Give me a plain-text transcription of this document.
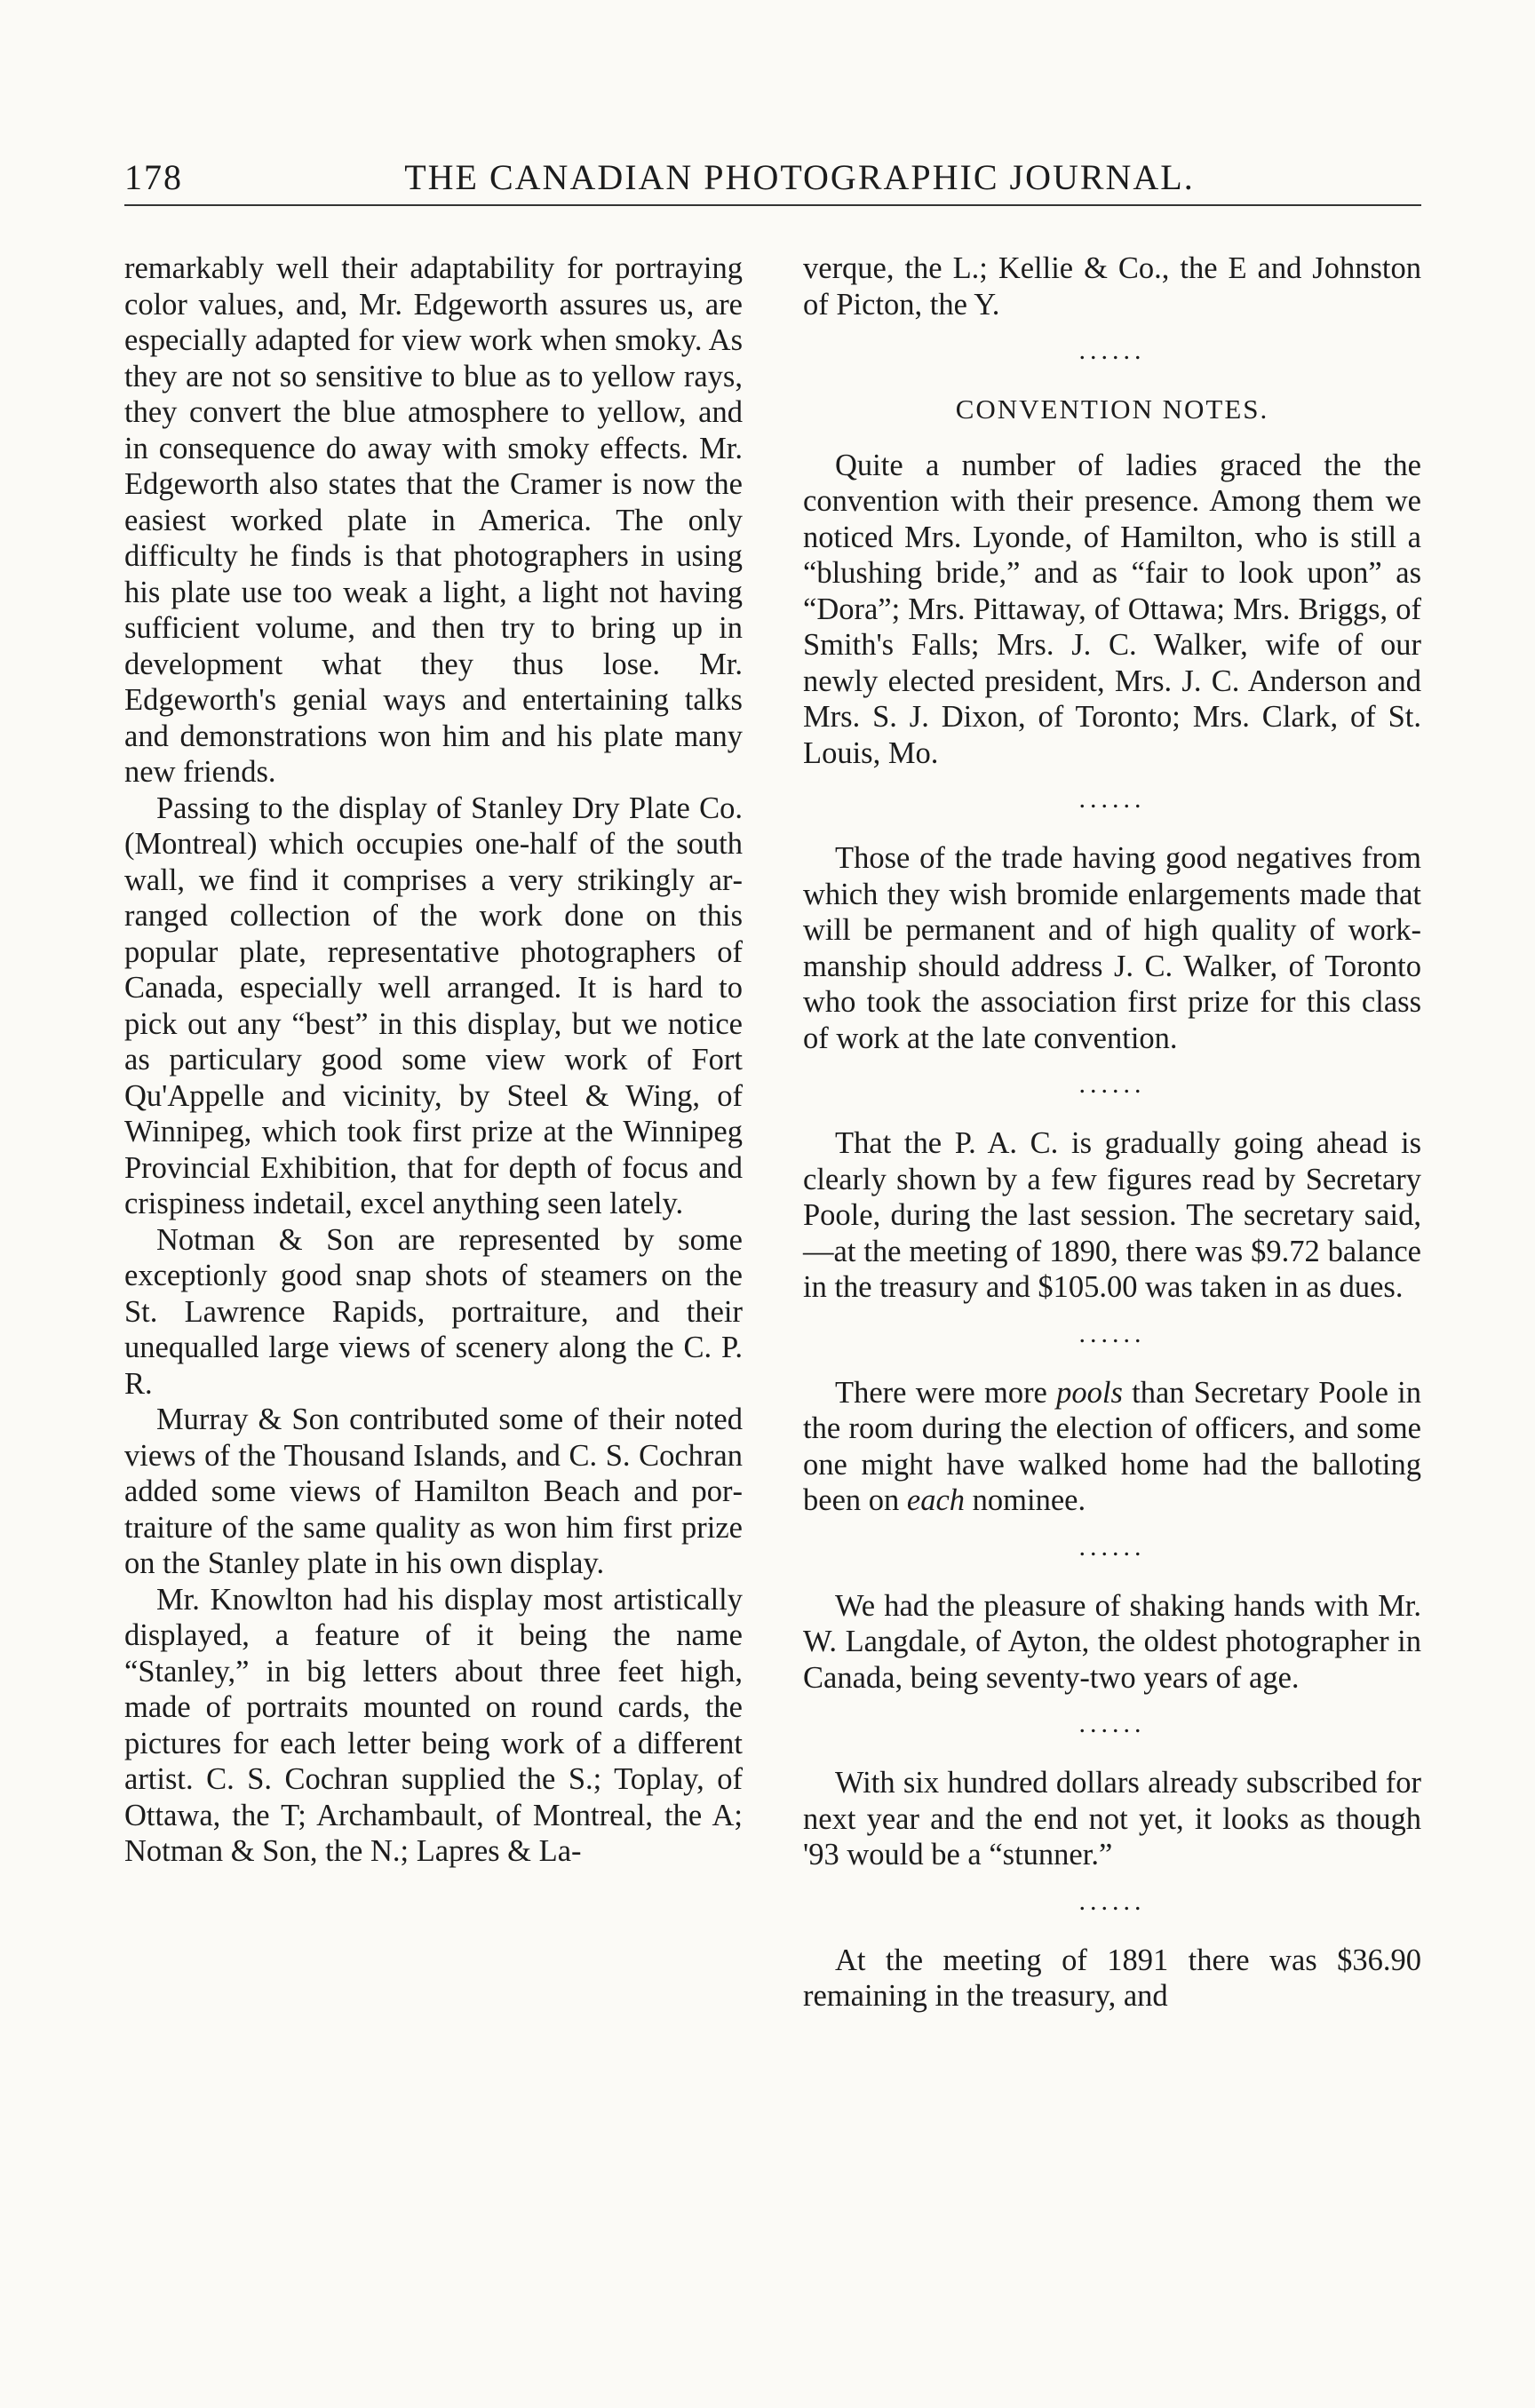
178	THE CANADIAN PHOTOGRAPHIC JOURNAL.

remarkably well their adaptability for portraying color values, and, Mr. Edgeworth assures us, are especially adapted for view work when smoky. As they are not so sensitive to blue as to yellow rays, they convert the blue atmosphere to yellow, and in consequence do away with smoky effects. Mr. Edgeworth also states that the Cramer is now the easiest worked plate in America. The only difficulty he finds is that photographers in using his plate use too weak a light, a light not having sufficient volume, and then try to bring up in development what they thus lose. Mr. Edgeworth's genial ways and entertaining talks and demonstrations won him and his plate many new friends.

Passing to the display of Stanley Dry Plate Co. (Montreal) which occupies one-half of the south wall, we find it comprises a very strikingly arranged collection of the work done on this popular plate, representative photographers of Canada, especially well arranged. It is hard to pick out any “best” in this display, but we notice as particulary good some view work of Fort Qu'Appelle and vicinity, by Steel & Wing, of Winnipeg, which took first prize at the Winnipeg Provincial Exhibition, that for depth of focus and crispiness indetail, excel anything seen lately.

Notman & Son are represented by some exceptionly good snap shots of steamers on the St. Lawrence Rapids, portraiture, and their unequalled large views of scenery along the C. P. R.

Murray & Son contributed some of their noted views of the Thousand Islands, and C. S. Cochran added some views of Hamilton Beach and portraiture of the same quality as won him first prize on the Stanley plate in his own display.

Mr. Knowlton had his display most artistically displayed, a feature of it being the name “Stanley,” in big letters about three feet high, made of portraits mounted on round cards, the pictures for each letter being work of a different artist. C. S. Cochran supplied the S.; Toplay, of Ottawa, the T; Archambault, of Montreal, the A; Notman & Son, the N.; Lapres & La-

verque, the L.; Kellie & Co., the E and Johnston of Picton, the Y.

......
CONVENTION NOTES.

Quite a number of ladies graced the the convention with their presence. Among them we noticed Mrs. Lyonde, of Hamilton, who is still a “blushing bride,” and as “fair to look upon” as “Dora”; Mrs. Pittaway, of Ottawa; Mrs. Briggs, of Smith's Falls; Mrs. J. C. Walker, wife of our newly elected president, Mrs. J. C. Anderson and Mrs. S. J. Dixon, of Toronto; Mrs. Clark, of St. Louis, Mo.

......

Those of the trade having good negatives from which they wish bromide enlargements made that will be permanent and of high quality of workmanship should address J. C. Walker, of Toronto who took the association first prize for this class of work at the late convention.

......

That the P. A. C. is gradually going ahead is clearly shown by a few figures read by Secretary Poole, during the last session. The secretary said,—at the meeting of 1890, there was $9.72 balance in the treasury and $105.00 was taken in as dues.

......

There were more pools than Secretary Poole in the room during the election of officers, and some one might have walked home had the balloting been on each nominee.

......

We had the pleasure of shaking hands with Mr. W. Langdale, of Ayton, the oldest photographer in Canada, being seventy-two years of age.

......

With six hundred dollars already subscribed for next year and the end not yet, it looks as though '93 would be a “stunner.”

......

At the meeting of 1891 there was $36.90 remaining in the treasury, and
